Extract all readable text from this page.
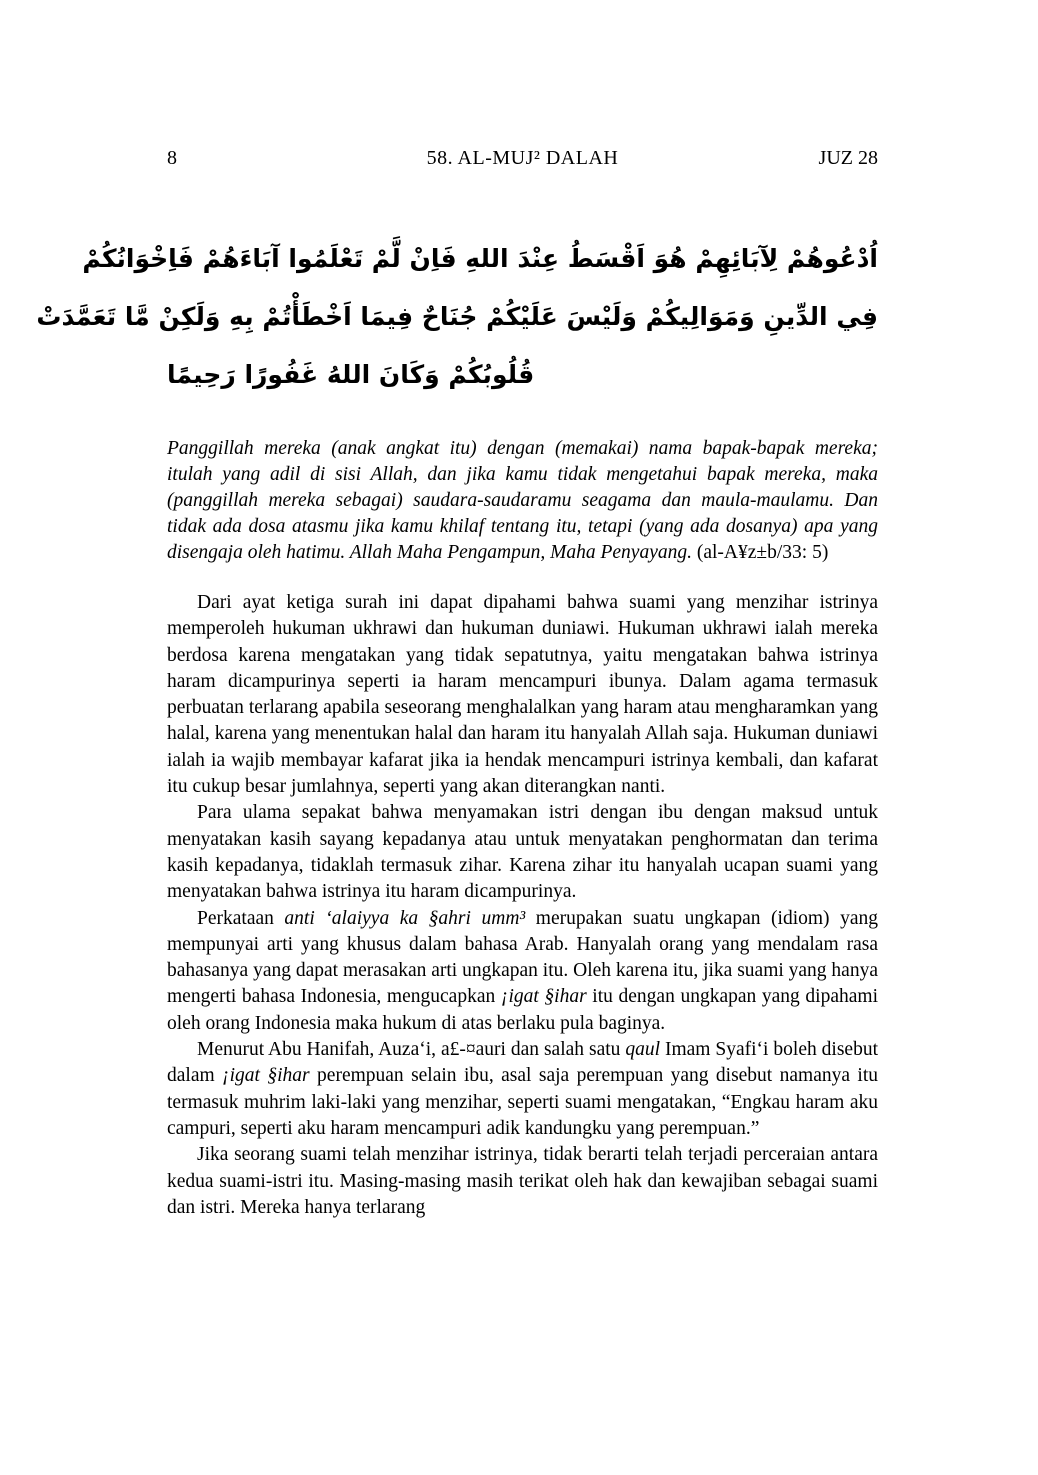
8	58. AL-MUJ² DALAH	JUZ 28
اُدْعُوهُمْ لِآبَائِهِمْ هُوَ اَقْسَطُ عِنْدَ اللهِ فَاِنْ لَّمْ تَعْلَمُوا آبَاءَهُمْ فَاِخْوَانُكُمْ
فِي الدِّينِ وَمَوَالِيكُمْ وَلَيْسَ عَلَيْكُمْ جُنَاحٌ فِيمَا اَخْطَأْتُمْ بِهِ وَلَكِنْ مَّا تَعَمَّدَتْ
قُلُوبُكُمْ وَكَانَ اللهُ غَفُورًا رَحِيمًا

Panggillah mereka (anak angkat itu) dengan (memakai) nama bapak-bapak mereka; itulah yang adil di sisi Allah, dan jika kamu tidak mengetahui bapak mereka, maka (panggillah mereka sebagai) saudara-saudaramu seagama dan maula-maulamu. Dan tidak ada dosa atasmu jika kamu khilaf tentang itu, tetapi (yang ada dosanya) apa yang disengaja oleh hatimu. Allah Maha Pengampun, Maha Penyayang. (al-A¥z±b/33: 5)

Dari ayat ketiga surah ini dapat dipahami bahwa suami yang menzihar istrinya memperoleh hukuman ukhrawi dan hukuman duniawi. Hukuman ukhrawi ialah mereka berdosa karena mengatakan yang tidak sepatutnya, yaitu mengatakan bahwa istrinya haram dicampurinya seperti ia haram mencampuri ibunya. Dalam agama termasuk perbuatan terlarang apabila seseorang menghalalkan yang haram atau mengharamkan yang halal, karena yang menentukan halal dan haram itu hanyalah Allah saja. Hukuman duniawi ialah ia wajib membayar kafarat jika ia hendak mencampuri istrinya kembali, dan kafarat itu cukup besar jumlahnya, seperti yang akan diterangkan nanti.

Para ulama sepakat bahwa menyamakan istri dengan ibu dengan maksud untuk menyatakan kasih sayang kepadanya atau untuk menyatakan penghormatan dan terima kasih kepadanya, tidaklah termasuk zihar. Karena zihar itu hanyalah ucapan suami yang menyatakan bahwa istrinya itu haram dicampurinya.

Perkataan anti ‘alaiyya ka §ahri umm³ merupakan suatu ungkapan (idiom) yang mempunyai arti yang khusus dalam bahasa Arab. Hanyalah orang yang mendalam rasa bahasanya yang dapat merasakan arti ungkapan itu. Oleh karena itu, jika suami yang hanya mengerti bahasa Indonesia, mengucapkan ¡igat §ihar itu dengan ungkapan yang dipahami oleh orang Indonesia maka hukum di atas berlaku pula baginya.

Menurut Abu Hanifah, Auza‘i, a£-¤auri dan salah satu qaul Imam Syafi‘i boleh disebut dalam ¡igat §ihar perempuan selain ibu, asal saja perempuan yang disebut namanya itu termasuk muhrim laki-laki yang menzihar, seperti suami mengatakan, “Engkau haram aku campuri, seperti aku haram mencampuri adik kandungku yang perempuan.”

Jika seorang suami telah menzihar istrinya, tidak berarti telah terjadi perceraian antara kedua suami-istri itu. Masing-masing masih terikat oleh hak dan kewajiban sebagai suami dan istri. Mereka hanya terlarang
